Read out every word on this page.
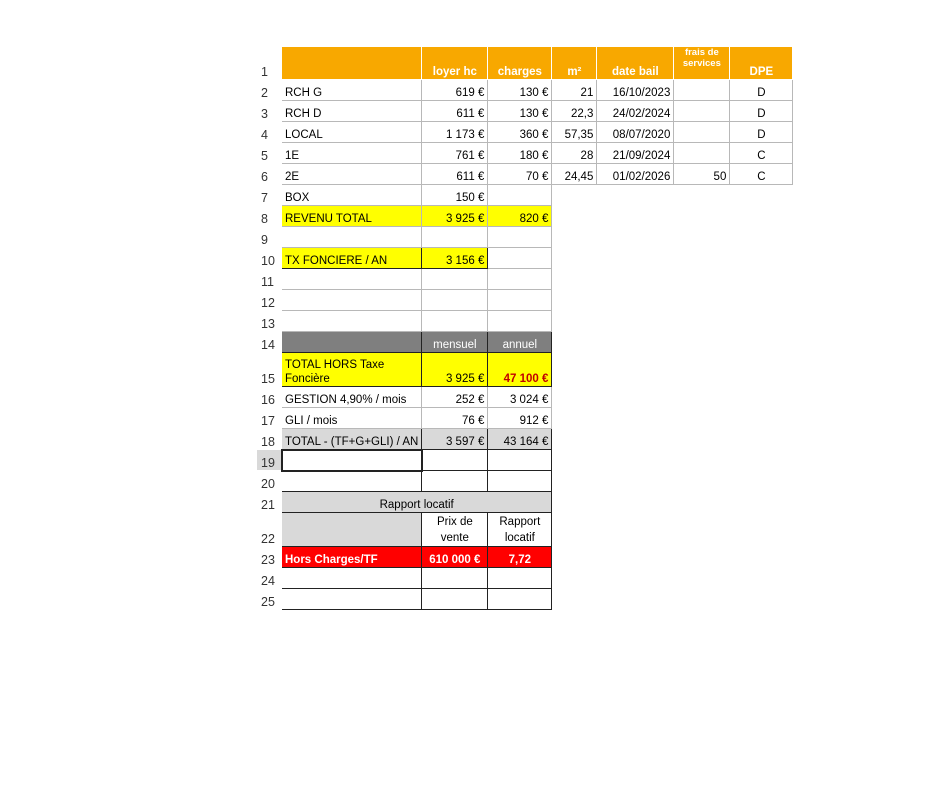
1		loyer hc	charges	m²	date bail	frais de services	DPE
2	RCH G	619 €	130 €	21	16/10/2023		D
3	RCH D	611 €	130 €	22,3	24/02/2024		D
4	LOCAL	1 173 €	360 €	57,35	08/07/2020		D
5	1E	761 €	180 €	28	21/09/2024		C
6	2E	611 €	70 €	24,45	01/02/2026	50	C
7	BOX	150 €					
8	REVENU TOTAL	3 925 €	820 €				
9							
10	TX FONCIERE / AN	3 156 €					
11							
12							
13							
14		mensuel	annuel				
15	TOTAL HORS Taxe Foncière	3 925 €	47 100 €				
16	GESTION 4,90% / mois	252 €	3 024 €				
17	GLI / mois	76 €	912 €				
18	TOTAL - (TF+G+GLI) / AN	3 597 €	43 164 €				
19							
20							
21	Rapport locatif						
22		Prix de vente	Rapport locatif				
23	Hors Charges/TF	610 000 €	7,72				
24							
25							
